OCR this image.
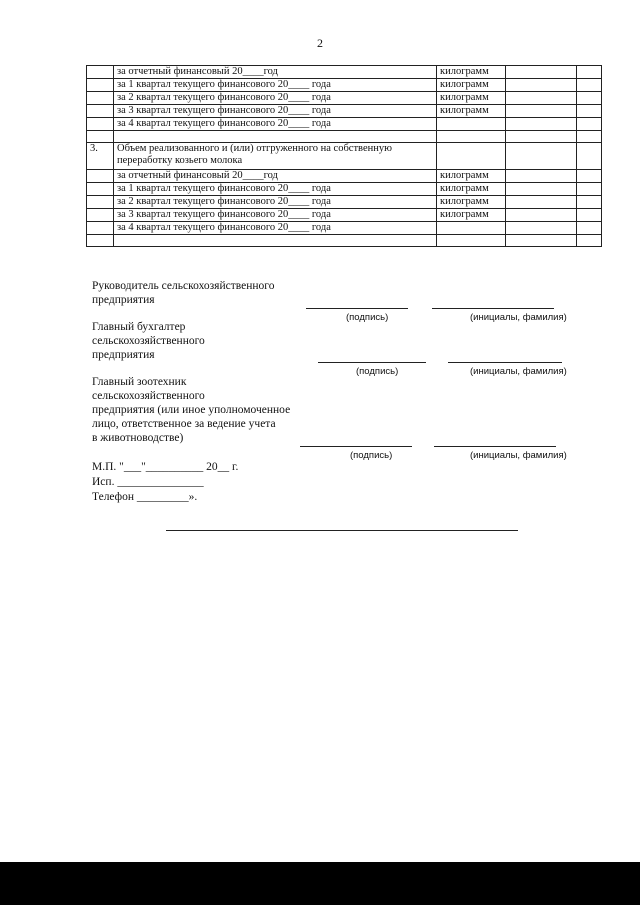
2
	за отчетный финансовый 20____год	килограмм		
	за 1 квартал текущего финансового 20____ года	килограмм		
	за 2 квартал текущего финансового 20____ года	килограмм		
	за 3 квартал текущего финансового 20____ года	килограмм		
	за 4 квартал текущего финансового 20____ года			

3.	Объем реализованного и (или) отгруженного на собственную переработку козьего молока			
	за отчетный финансовый 20____год	килограмм		
	за 1 квартал текущего финансового 20____ года	килограмм		
	за 2 квартал текущего финансового 20____ года	килограмм		
	за 3 квартал текущего финансового 20____ года	килограмм		
	за 4 квартал текущего финансового 20____ года			

Руководитель сельскохозяйственного
предприятия
(подпись)	(инициалы, фамилия)
Главный бухгалтер
сельскохозяйственного
предприятия
(подпись)	(инициалы, фамилия)
Главный зоотехник
сельскохозяйственного
предприятия (или иное уполномоченное
лицо, ответственное за ведение учета
в животноводстве)
(подпись)	(инициалы, фамилия)
М.П. "___"__________ 20__ г.
Исп. _______________
Телефон _________».
